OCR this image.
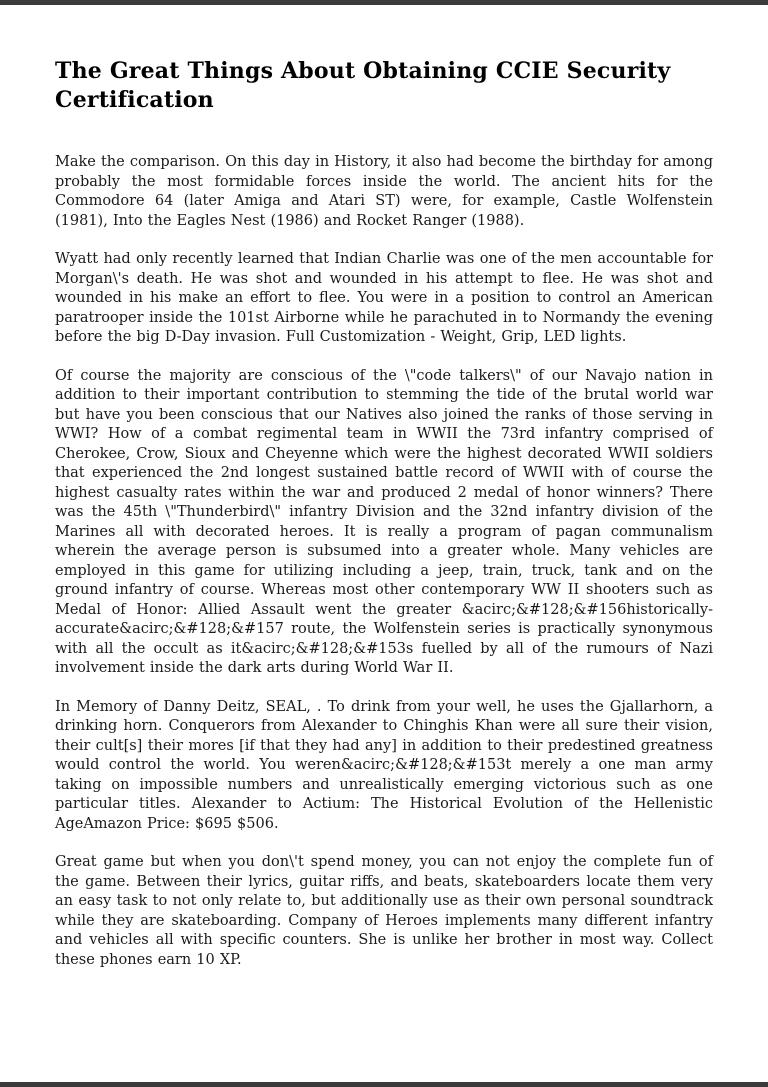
The Great Things About Obtaining CCIE Security Certification

Make the comparison. On this day in History, it also had become the birthday for among probably the most formidable forces inside the world. The ancient hits for the Commodore 64 (later Amiga and Atari ST) were, for example, Castle Wolfenstein (1981), Into the Eagles Nest (1986) and Rocket Ranger (1988).

Wyatt had only recently learned that Indian Charlie was one of the men accountable for Morgan\'s death. He was shot and wounded in his attempt to flee. He was shot and wounded in his make an effort to flee. You were in a position to control an American paratrooper inside the 101st Airborne while he parachuted in to Normandy the evening before the big D-Day invasion. Full Customization - Weight, Grip, LED lights.

Of course the majority are conscious of the \"code talkers\" of our Navajo nation in addition to their important contribution to stemming the tide of the brutal world war but have you been conscious that our Natives also joined the ranks of those serving in WWI? How of a combat regimental team in WWII the 73rd infantry comprised of Cherokee, Crow, Sioux and Cheyenne which were the highest decorated WWII soldiers that experienced the 2nd longest sustained battle record of WWII with of course the highest casualty rates within the war and produced 2 medal of honor winners? There was the 45th \"Thunderbird\" infantry Division and the 32nd infantry division of the Marines all with decorated heroes. It is really a program of pagan communalism wherein the average person is subsumed into a greater whole. Many vehicles are employed in this game for utilizing including a jeep, train, truck, tank and on the ground infantry of course. Whereas most other contemporary WW II shooters such as Medal of Honor: Allied Assault went the greater &acirc;&#128;&#156historically-accurate&acirc;&#128;&#157 route, the Wolfenstein series is practically synonymous with all the occult as it&acirc;&#128;&#153s fuelled by all of the rumours of Nazi involvement inside the dark arts during World War II.

In Memory of Danny Deitz, SEAL, . To drink from your well, he uses the Gjallarhorn, a drinking horn. Conquerors from Alexander to Chinghis Khan were all sure their vision, their cult[s] their mores [if that they had any] in addition to their predestined greatness would control the world. You weren&acirc;&#128;&#153t merely a one man army taking on impossible numbers and unrealistically emerging victorious such as one particular titles. Alexander to Actium: The Historical Evolution of the Hellenistic AgeAmazon Price: $695 $506.

Great game but when you don\'t spend money, you can not enjoy the complete fun of the game. Between their lyrics, guitar riffs, and beats, skateboarders locate them very an easy task to not only relate to, but additionally use as their own personal soundtrack while they are skateboarding. Company of Heroes implements many different infantry and vehicles all with specific counters. She is unlike her brother in most way. Collect these phones earn 10 XP.
